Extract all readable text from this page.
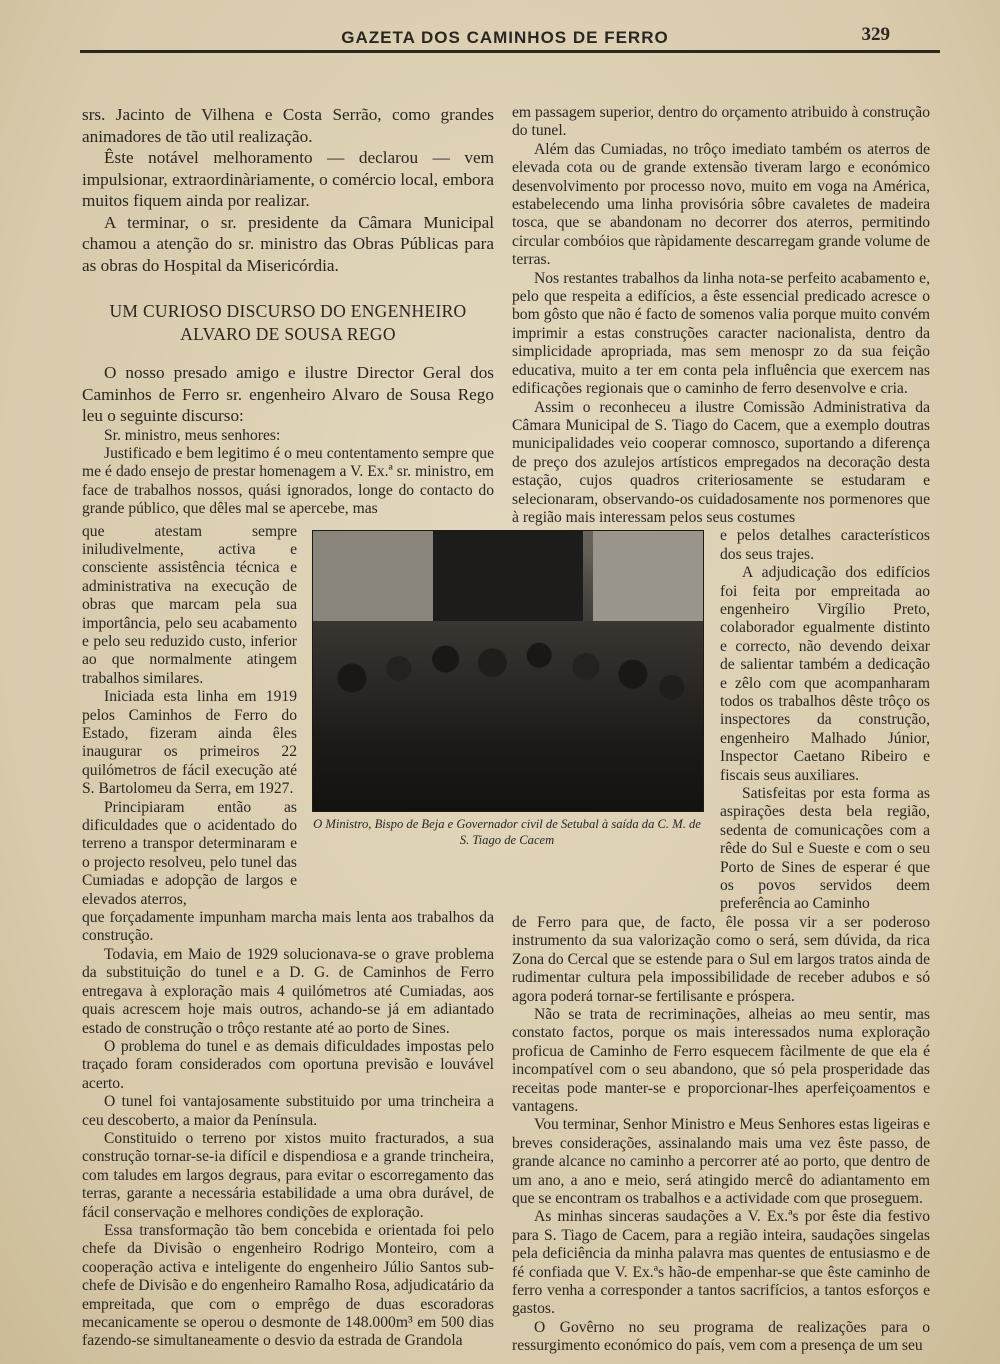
GAZETA DOS CAMINHOS DE FERRO	329

srs. Jacinto de Vilhena e Costa Serrão, como grandes animadores de tão util realização.

Êste notável melhoramento — declarou — vem impulsionar, extraordinàriamente, o comércio local, embora muitos fiquem ainda por realizar.

A terminar, o sr. presidente da Câmara Municipal chamou a atenção do sr. ministro das Obras Públicas para as obras do Hospital da Misericórdia.

UM CURIOSO DISCURSO DO ENGENHEIRO ALVARO DE SOUSA REGO

O nosso presado amigo e ilustre Director Geral dos Caminhos de Ferro sr. engenheiro Alvaro de Sousa Rego leu o seguinte discurso:

Sr. ministro, meus senhores:

Justificado e bem legitimo é o meu contentamento sempre que me é dado ensejo de prestar homenagem a V. Ex.ª sr. ministro, em face de trabalhos nossos, quási ignorados, longe do contacto do grande público, que dêles mal se apercebe, mas

que atestam sempre iniludivelmente, activa e consciente assistência técnica e administrativa na execução de obras que marcam pela sua importância, pelo seu acabamento e pelo seu reduzido custo, inferior ao que normalmente atingem trabalhos similares.

Iniciada esta linha em 1919 pelos Caminhos de Ferro do Estado, fizeram ainda êles inaugurar os primeiros 22 quilómetros de fácil execução até S. Bartolomeu da Serra, em 1927.

Principiaram então as dificuldades que o acidentado do terreno a transpor determinaram e o projecto resolveu, pelo tunel das Cumiadas e adopção de largos e elevados aterros,

que forçadamente impunham marcha mais lenta aos trabalhos da construção.

Todavia, em Maio de 1929 solucionava-se o grave problema da substituição do tunel e a D. G. de Caminhos de Ferro entregava à exploração mais 4 quilómetros até Cumiadas, aos quais acrescem hoje mais outros, achando-se já em adiantado estado de construção o trôço restante até ao porto de Sines.

O problema do tunel e as demais dificuldades impostas pelo traçado foram considerados com oportuna previsão e louvável acerto.

O tunel foi vantajosamente substituido por uma trincheira a ceu descoberto, a maior da Península.

Constituido o terreno por xistos muito fracturados, a sua construção tornar-se-ia difícil e dispendiosa e a grande trincheira, com taludes em largos degraus, para evitar o escorregamento das terras, garante a necessária estabilidade a uma obra durável, de fácil conservação e melhores condições de exploração.

Essa transformação tão bem concebida e orientada foi pelo chefe da Divisão o engenheiro Rodrigo Monteiro, com a cooperação activa e inteligente do engenheiro Júlio Santos sub-chefe de Divisão e do engenheiro Ramalho Rosa, adjudicatário da empreitada, que com o emprêgo de duas escoradoras mecanicamente se operou o desmonte de 148.000m³ em 500 dias fazendo-se simultaneamente o desvio da estrada de Grandola

em passagem superior, dentro do orçamento atribuido à construção do tunel.

Além das Cumiadas, no trôço imediato também os aterros de elevada cota ou de grande extensão tiveram largo e económico desenvolvimento por processo novo, muito em voga na América, estabelecendo uma linha provisória sôbre cavaletes de madeira tosca, que se abandonam no decorrer dos aterros, permitindo circular combóios que ràpidamente descarregam grande volume de terras.

Nos restantes trabalhos da linha nota-se perfeito acabamento e, pelo que respeita a edifícios, a êste essencial predicado acresce o bom gôsto que não é facto de somenos valia porque muito convém imprimir a estas construções caracter nacionalista, dentro da simplicidade apropriada, mas sem menospr zo da sua feição educativa, muito a ter em conta pela influência que exercem nas edificações regionais que o caminho de ferro desenvolve e cria.

Assim o reconheceu a ilustre Comissão Administrativa da Câmara Municipal de S. Tiago do Cacem, que a exemplo doutras municipalidades veio cooperar comnosco, suportando a diferença de preço dos azulejos artísticos empregados na decoração desta estação, cujos quadros criteriosamente se estudaram e selecionaram, observando-os cuidadosamente nos pormenores que à região mais interessam pelos seus costumes

e pelos detalhes característicos dos seus trajes.

A adjudicação dos edifícios foi feita por empreitada ao engenheiro Virgílio Preto, colaborador egualmente distinto e correcto, não devendo deixar de salientar também a dedicação e zêlo com que acompanharam todos os trabalhos dêste trôço os inspectores da construção, engenheiro Malhado Júnior, Inspector Caetano Ribeiro e fiscais seus auxiliares.

Satisfeitas por esta forma as aspirações desta bela região, sedenta de comunicações com a rêde do Sul e Sueste e com o seu Porto de Sines de esperar é que os povos servidos deem preferência ao Caminho

de Ferro para que, de facto, êle possa vir a ser poderoso instrumento da sua valorização como o será, sem dúvida, da rica Zona do Cercal que se estende para o Sul em largos tratos ainda de rudimentar cultura pela impossibilidade de receber adubos e só agora poderá tornar-se fertilisante e próspera.

Não se trata de recriminações, alheias ao meu sentir, mas constato factos, porque os mais interessados numa exploração proficua de Caminho de Ferro esquecem fàcilmente de que ela é incompatível com o seu abandono, que só pela prosperidade das receitas pode manter-se e proporcionar-lhes aperfeiçoamentos e vantagens.

Vou terminar, Senhor Ministro e Meus Senhores estas ligeiras e breves considerações, assinalando mais uma vez êste passo, de grande alcance no caminho a percorrer até ao porto, que dentro de um ano, a ano e meio, será atingido mercê do adiantamento em que se encontram os trabalhos e a actividade com que proseguem.

As minhas sinceras saudações a V. Ex.ªs por êste dia festivo para S. Tiago de Cacem, para a região inteira, saudações singelas pela deficiência da minha palavra mas quentes de entusiasmo e de fé confiada que V. Ex.ªs hão-de empenhar-se que êste caminho de ferro venha a corresponder a tantos sacrifícios, a tantos esforços e gastos.

O Govêrno no seu programa de realizações para o ressurgimento económico do país, vem com a presença de um seu

O Ministro, Bispo de Beja e Governador civil de Setubal à saída da C. M. de S. Tiago de Cacem
